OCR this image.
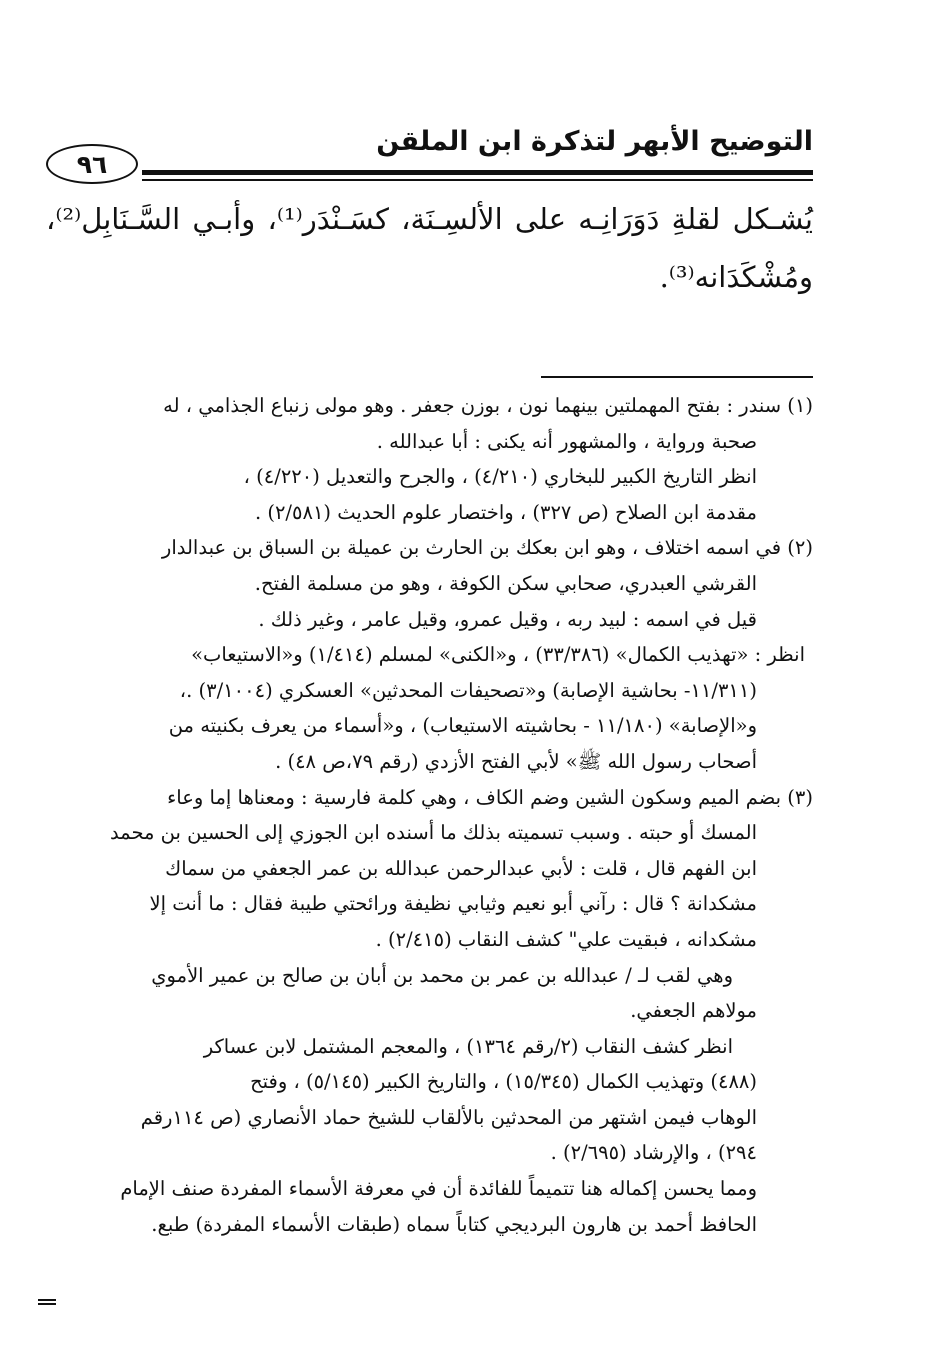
التوضيح الأبهر لتذكرة ابن الملقن
٩٦

يُشـكل لقلةِ دَوَرَانِـه على الألسِـنَة، كسَـنْدَر⁽¹⁾، وأبـي السَّـنَابِل⁽²⁾،

ومُشْكَدَانه⁽³⁾.

(١) سندر : بفتح المهملتين بينهما نون ، بوزن جعفر . وهو مولى زنباع الجذامي ، له
صحبة ورواية ، والمشهور أنه يكنى : أبا عبدالله .
انظر التاريخ الكبير للبخاري (٤/٢١٠) ، والجرح والتعديل (٤/٢٢٠) ،
مقدمة ابن الصلاح (ص ٣٢٧) ، واختصار علوم الحديث (٢/٥٨١) .
(٢) في اسمه اختلاف ، وهو ابن بعكك بن الحارث بن عميلة بن السباق بن عبدالدار
القرشي العبدري، صحابي سكن الكوفة ، وهو من مسلمة الفتح.
قيل في اسمه : لبيد ربه ، وقيل عمرو، وقيل عامر ، وغير ذلك .
انظر : «تهذيب الكمال» (٣٣/٣٨٦) ، و«الكنى» لمسلم (١/٤١٤) و«الاستيعاب»
(١١/٣١١- بحاشية الإصابة) و«تصحيفات المحدثين» العسكري (٣/١٠٠٤) .،
و«الإصابة» (١١/١٨٠ - بحاشيته الاستيعاب) ، و«أسماء من يعرف بكنيته من
أصحاب رسول الله ﷺ» لأبي الفتح الأزدي (رقم ٧٩،ص ٤٨) .
(٣) بضم الميم وسكون الشين وضم الكاف ، وهي كلمة فارسية : ومعناها إما وعاء
المسك أو حبته . وسبب تسميته بذلك ما أسنده ابن الجوزي إلى الحسين بن محمد
ابن الفهم قال ، قلت : لأبي عبدالرحمن عبدالله بن عمر الجعفي من سماك
مشكدانة ؟ قال : رآني أبو نعيم وثيابي نظيفة ورائحتي طيبة فقال : ما أنت إلا
مشكدانه ، فبقيت علي" كشف النقاب (٢/٤١٥) .
وهي لقب لـ / عبدالله بن عمر بن محمد بن أبان بن صالح بن عمير الأموي
مولاهم الجعفي.
انظر كشف النقاب (٢/رقم ١٣٦٤) ، والمعجم المشتمل لابن عساكر
(٤٨٨) وتهذيب الكمال (١٥/٣٤٥) ، والتاريخ الكبير (٥/١٤٥) ، وفتح
الوهاب فيمن اشتهر من المحدثين بالألقاب للشيخ حماد الأنصاري (ص ١١٤رقم
٢٩٤) ، والإرشاد (٢/٦٩٥) .
ومما يحسن إكماله هنا تتميماً للفائدة أن في معرفة الأسماء المفردة صنف الإمام
الحافظ أحمد بن هارون البرديجي كتاباً سماه (طبقات الأسماء المفردة) طبع.
